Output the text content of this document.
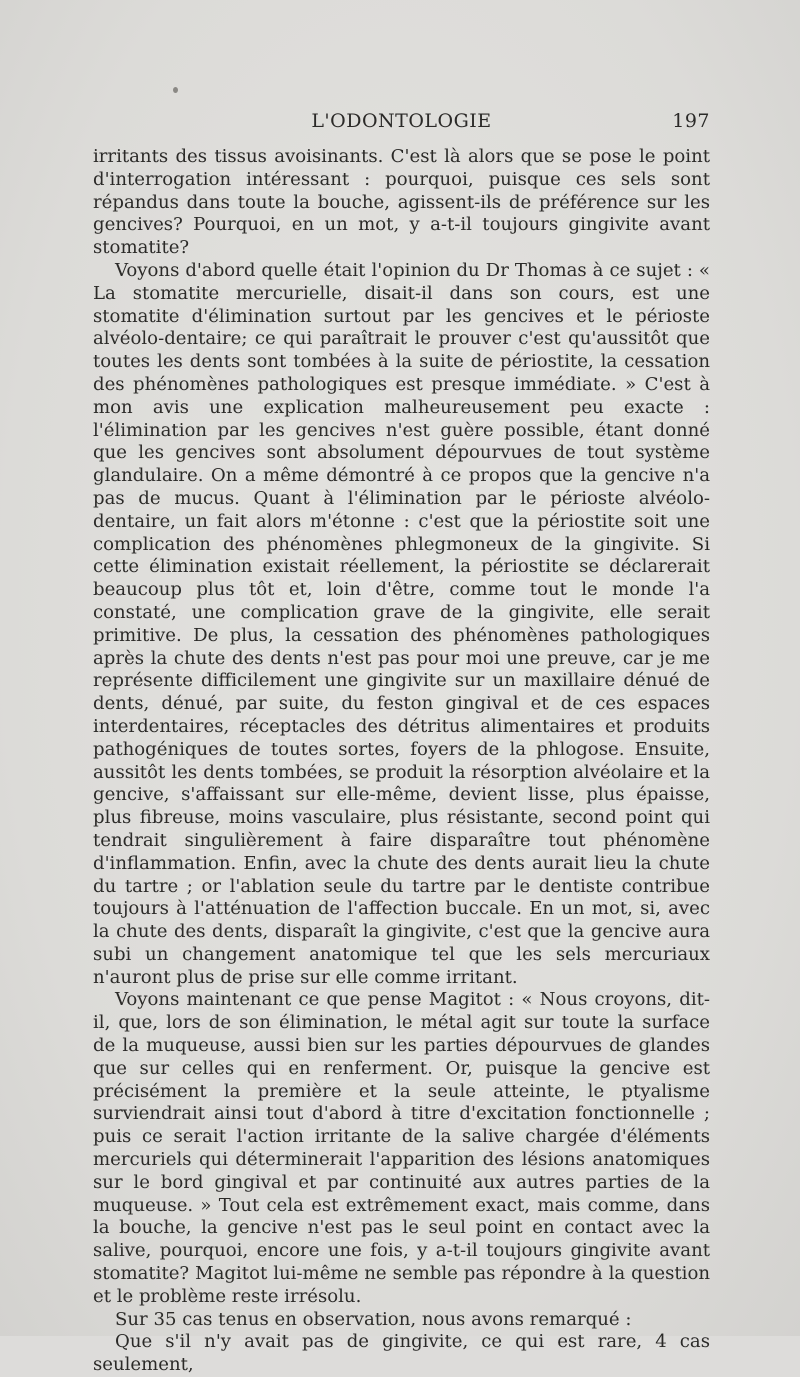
L'ODONTOLOGIE	197

irritants des tissus avoisinants. C'est là alors que se pose le point d'interrogation intéressant : pourquoi, puisque ces sels sont répandus dans toute la bouche, agissent-ils de préférence sur les gencives? Pourquoi, en un mot, y a-t-il toujours gingivite avant stomatite?

Voyons d'abord quelle était l'opinion du Dr Thomas à ce sujet : « La stomatite mercurielle, disait-il dans son cours, est une stomatite d'élimination surtout par les gencives et le périoste alvéolo-dentaire; ce qui paraîtrait le prouver c'est qu'aussitôt que toutes les dents sont tombées à la suite de périostite, la cessation des phénomènes pathologiques est presque immédiate. » C'est à mon avis une explication malheureusement peu exacte : l'élimination par les gencives n'est guère possible, étant donné que les gencives sont absolument dépourvues de tout système glandulaire. On a même démontré à ce propos que la gencive n'a pas de mucus. Quant à l'élimination par le périoste alvéolo-dentaire, un fait alors m'étonne : c'est que la périostite soit une complication des phénomènes phlegmoneux de la gingivite. Si cette élimination existait réellement, la périostite se déclarerait beaucoup plus tôt et, loin d'être, comme tout le monde l'a constaté, une complication grave de la gingivite, elle serait primitive. De plus, la cessation des phénomènes pathologiques après la chute des dents n'est pas pour moi une preuve, car je me représente difficilement une gingivite sur un maxillaire dénué de dents, dénué, par suite, du feston gingival et de ces espaces interdentaires, réceptacles des détritus alimentaires et produits pathogéniques de toutes sortes, foyers de la phlogose. Ensuite, aussitôt les dents tombées, se produit la résorption alvéolaire et la gencive, s'affaissant sur elle-même, devient lisse, plus épaisse, plus fibreuse, moins vasculaire, plus résistante, second point qui tendrait singulièrement à faire disparaître tout phénomène d'inflammation. Enfin, avec la chute des dents aurait lieu la chute du tartre ; or l'ablation seule du tartre par le dentiste contribue toujours à l'atténuation de l'affection buccale. En un mot, si, avec la chute des dents, disparaît la gingivite, c'est que la gencive aura subi un changement anatomique tel que les sels mercuriaux n'auront plus de prise sur elle comme irritant.

Voyons maintenant ce que pense Magitot : « Nous croyons, dit-il, que, lors de son élimination, le métal agit sur toute la surface de la muqueuse, aussi bien sur les parties dépourvues de glandes que sur celles qui en renferment. Or, puisque la gencive est précisément la première et la seule atteinte, le ptyalisme surviendrait ainsi tout d'abord à titre d'excitation fonctionnelle ; puis ce serait l'action irritante de la salive chargée d'éléments mercuriels qui déterminerait l'apparition des lésions anatomiques sur le bord gingival et par continuité aux autres parties de la muqueuse. » Tout cela est extrêmement exact, mais comme, dans la bouche, la gencive n'est pas le seul point en contact avec la salive, pourquoi, encore une fois, y a-t-il toujours gingivite avant stomatite? Magitot lui-même ne semble pas répondre à la question et le problème reste irrésolu.

Sur 35 cas tenus en observation, nous avons remarqué :

Que s'il n'y avait pas de gingivite, ce qui est rare, 4 cas seulement,
